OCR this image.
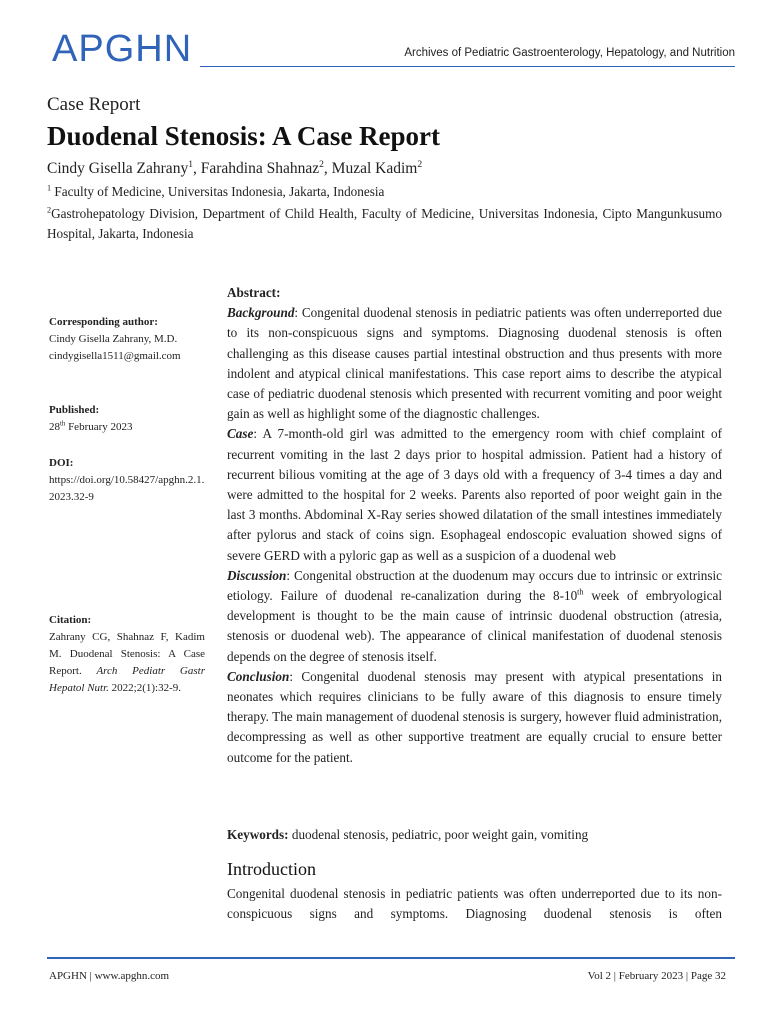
APGHN	Archives of Pediatric Gastroenterology, Hepatology, and Nutrition
Case Report
Duodenal Stenosis: A Case Report
Cindy Gisella Zahrany$^1$, Farahdina Shahnaz$^2$, Muzal Kadim$^2$
$^1$ Faculty of Medicine, Universitas Indonesia, Jakarta, Indonesia
$^2$Gastrohepatology Division, Department of Child Health, Faculty of Medicine, Universitas Indonesia, Cipto Mangunkusumo Hospital, Jakarta, Indonesia
Corresponding author:
Cindy Gisella Zahrany, M.D.
cindygisella1511@gmail.com
Published:
28th February 2023
DOI:
https://doi.org/10.58427/apghn.2.1.2023.32-9
Citation:
Zahrany CG, Shahnaz F, Kadim M. Duodenal Stenosis: A Case Report. Arch Pediatr Gastr Hepatol Nutr. 2022;2(1):32-9.

Abstract:

Background: Congenital duodenal stenosis in pediatric patients was often underreported due to its non-conspicuous signs and symptoms. Diagnosing duodenal stenosis is often challenging as this disease causes partial intestinal obstruction and thus presents with more indolent and atypical clinical manifestations. This case report aims to describe the atypical case of pediatric duodenal stenosis which presented with recurrent vomiting and poor weight gain as well as highlight some of the diagnostic challenges.

Case: A 7-month-old girl was admitted to the emergency room with chief complaint of recurrent vomiting in the last 2 days prior to hospital admission. Patient had a history of recurrent bilious vomiting at the age of 3 days old with a frequency of 3-4 times a day and were admitted to the hospital for 2 weeks. Parents also reported of poor weight gain in the last 3 months. Abdominal X-Ray series showed dilatation of the small intestines immediately after pylorus and stack of coins sign. Esophageal endoscopic evaluation showed signs of severe GERD with a pyloric gap as well as a suspicion of a duodenal web

Discussion: Congenital obstruction at the duodenum may occurs due to intrinsic or extrinsic etiology. Failure of duodenal re-canalization during the 8-10th week of embryological development is thought to be the main cause of intrinsic duodenal obstruction (atresia, stenosis or duodenal web). The appearance of clinical manifestation of duodenal stenosis depends on the degree of stenosis itself.

Conclusion: Congenital duodenal stenosis may present with atypical presentations in neonates which requires clinicians to be fully aware of this diagnosis to ensure timely therapy. The main management of duodenal stenosis is surgery, however fluid administration, decompressing as well as other supportive treatment are equally crucial to ensure better outcome for the patient.

Keywords: duodenal stenosis, pediatric, poor weight gain, vomiting
Introduction
Congenital duodenal stenosis in pediatric patients was often underreported due to its non-conspicuous signs and symptoms. Diagnosing duodenal stenosis is often
APGHN | www.apghn.com	Vol 2 | February 2023 | Page 32
